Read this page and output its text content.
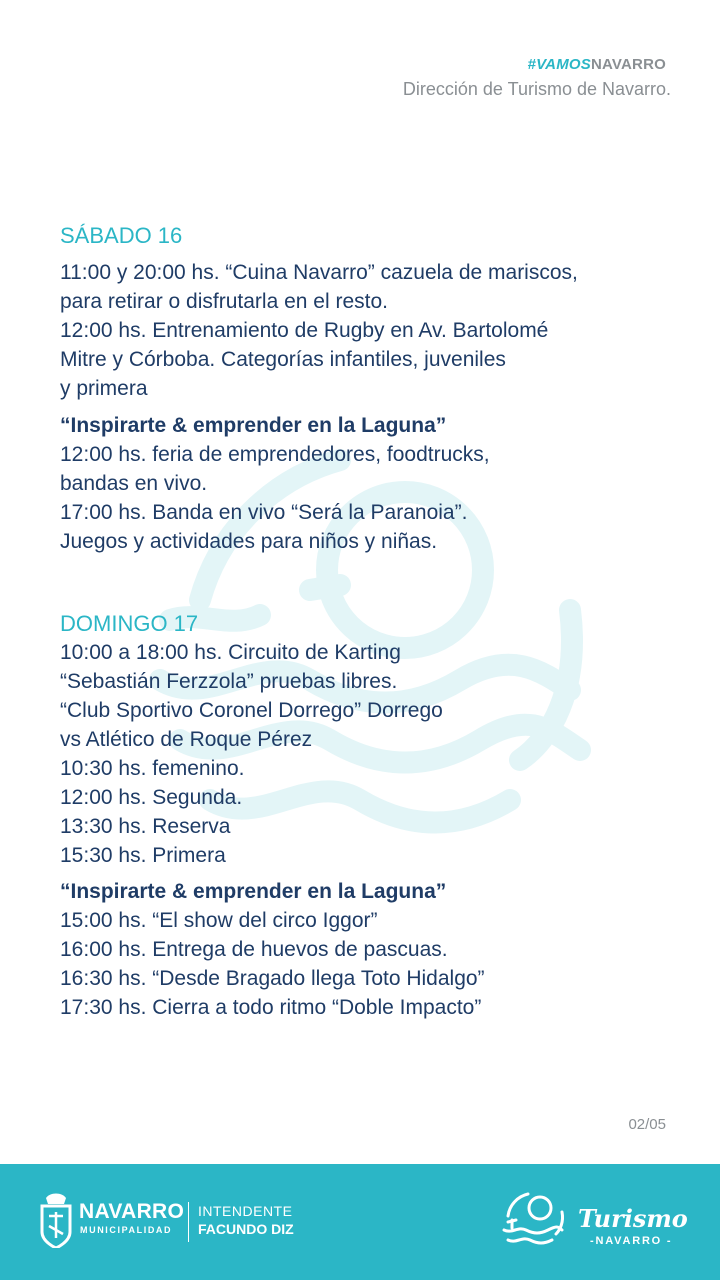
#VAMOSNAVARRO
Dirección de Turismo de Navarro.
SÁBADO 16
11:00 y 20:00 hs. “Cuina Navarro” cazuela de mariscos,
para retirar o disfrutarla en el resto.
12:00 hs. Entrenamiento de Rugby en Av. Bartolomé
Mitre y Córboba. Categorías infantiles, juveniles
y primera
“Inspirarte & emprender en la Laguna”
12:00 hs. feria de emprendedores, foodtrucks,
bandas en vivo.
17:00 hs. Banda en vivo “Será la Paranoia”.
Juegos y actividades para niños y niñas.
DOMINGO 17
10:00 a 18:00 hs. Circuito de Karting
“Sebastián Ferzzola” pruebas libres.
“Club Sportivo Coronel Dorrego” Dorrego
vs Atlético de Roque Pérez
10:30 hs. femenino.
12:00 hs. Segunda.
13:30 hs. Reserva
15:30 hs. Primera
“Inspirarte & emprender en la Laguna”
15:00 hs. “El show del circo Iggor”
16:00 hs. Entrega de huevos de pascuas.
16:30 hs. “Desde Bragado llega Toto Hidalgo”
17:30 hs. Cierra a todo ritmo “Doble Impacto”
02/05
NAVARRO
MUNICIPALIDAD
INTENDENTE
FACUNDO DIZ	Turismo
-NAVARRO -
